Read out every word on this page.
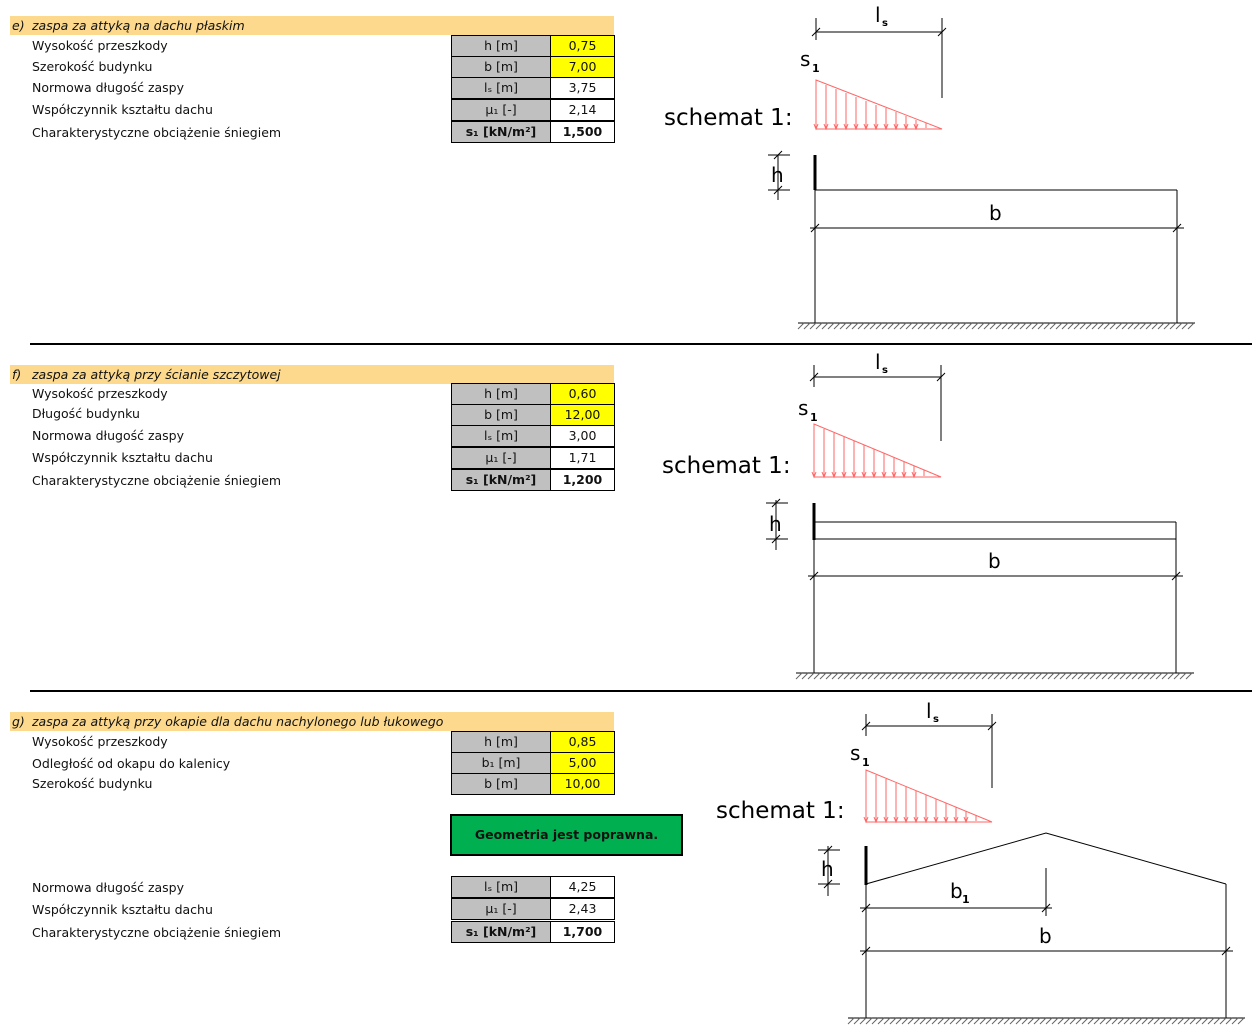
e) zaspa za attyką na dachu płaskim
Wysokość przeszkody	h [m]	0,75
Szerokość budynku	b [m]	7,00
Normowa długość zaspy	lₛ [m]	3,75
Współczynnik kształtu dachu	μ₁ [-]	2,14
Charakterystyczne obciążenie śniegiem	s₁ [kN/m²]	1,500
schemat 1:
l s
s 1
h
b
f) zaspa za attyką przy ścianie szczytowej
Wysokość przeszkody	h [m]	0,60
Długość budynku	b [m]	12,00
Normowa długość zaspy	lₛ [m]	3,00
Współczynnik kształtu dachu	μ₁ [-]	1,71
Charakterystyczne obciążenie śniegiem	s₁ [kN/m²]	1,200
schemat 1:
l s
s 1
h
b
g) zaspa za attyką przy okapie dla dachu nachylonego lub łukowego
Wysokość przeszkody	h [m]	0,85
Odległość od okapu do kalenicy	b₁ [m]	5,00
Szerokość budynku	b [m]	10,00
Geometria jest poprawna.
Normowa długość zaspy	lₛ [m]	4,25
Współczynnik kształtu dachu	μ₁ [-]	2,43
Charakterystyczne obciążenie śniegiem	s₁ [kN/m²]	1,700
schemat 1:
l s
s 1
h
b 1
b
